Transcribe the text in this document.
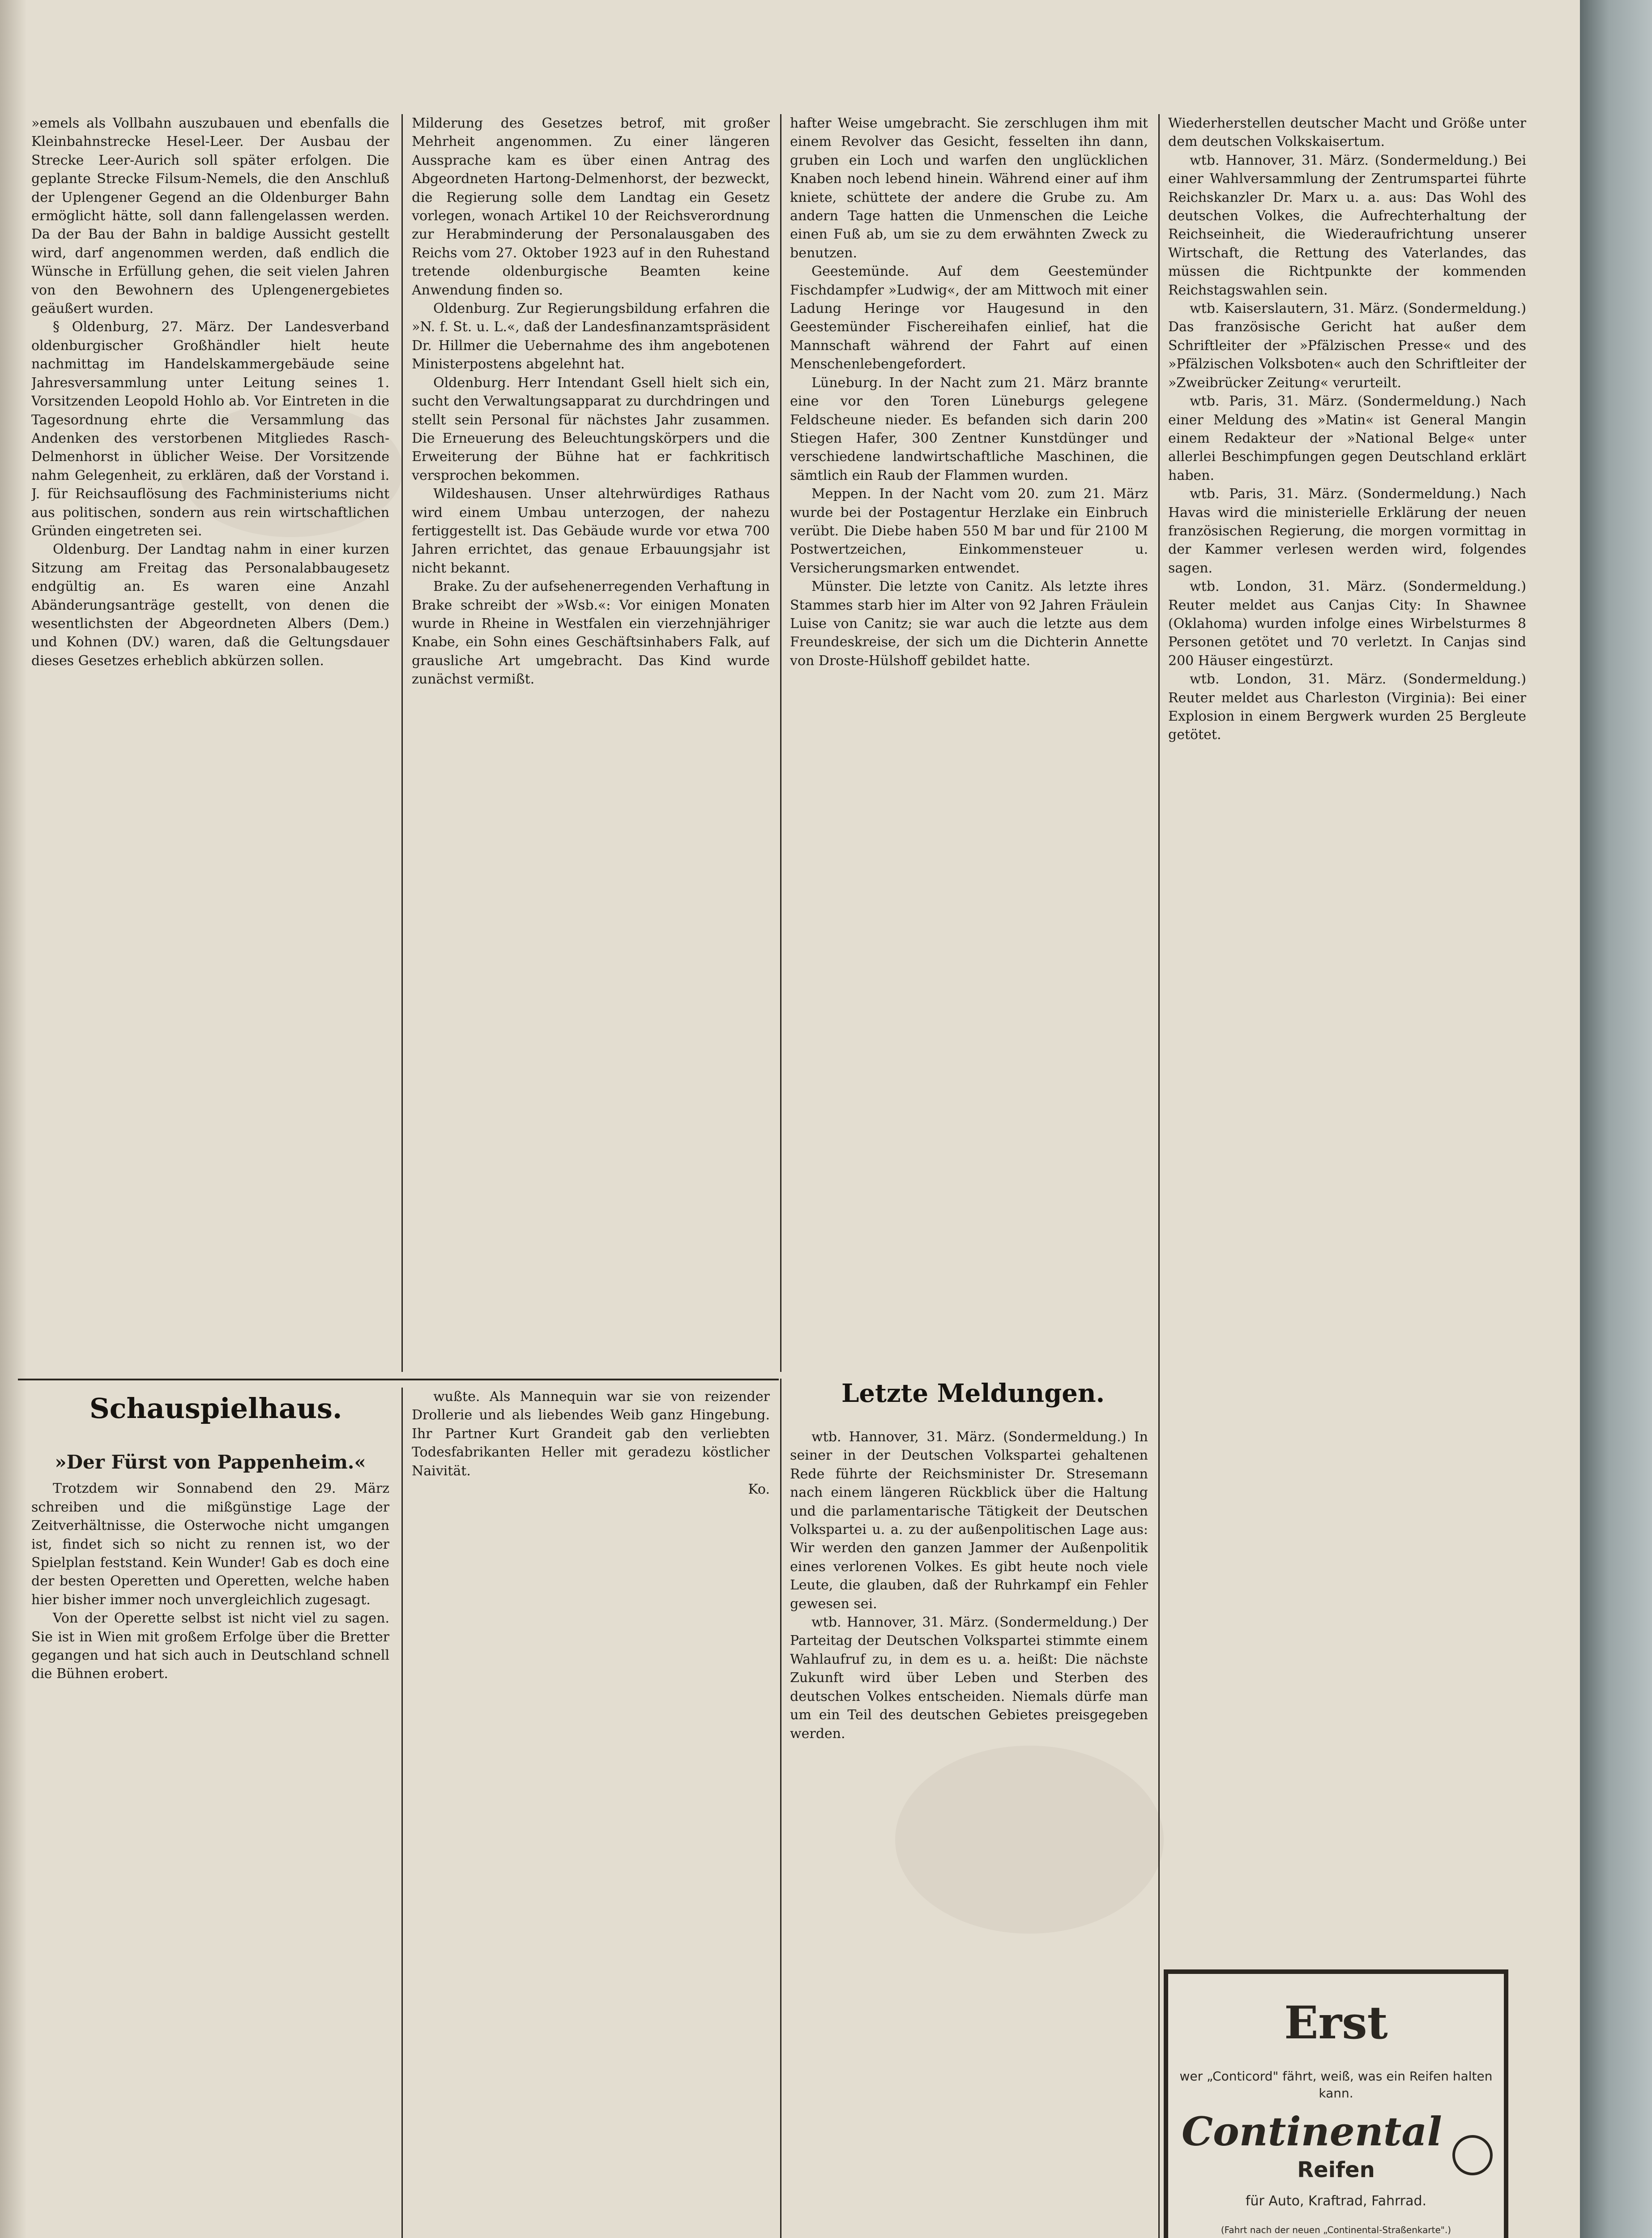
»emels als Vollbahn auszubauen und ebenfalls die Kleinbahnstrecke Hesel-Leer. Der Ausbau der Strecke Leer-Aurich soll später erfolgen. Die geplante Strecke Filsum-Nemels, die den Anschluß der Uplengener Gegend an die Oldenburger Bahn ermöglicht hätte, soll dann fallengelassen werden. Da der Bau der Bahn in baldige Aussicht gestellt wird, darf angenommen werden, daß endlich die Wünsche in Erfüllung gehen, die seit vielen Jahren von den Bewohnern des Uplengenergebietes geäußert wurden.

§ Oldenburg, 27. März. Der Landesverband oldenburgischer Großhändler hielt heute nachmittag im Handelskammergebäude seine Jahresversammlung unter Leitung seines 1. Vorsitzenden Leopold Hohlo ab. Vor Eintreten in die Tagesordnung ehrte die Versammlung das Andenken des verstorbenen Mitgliedes Rasch-Delmenhorst in üblicher Weise. Der Vorsitzende nahm Gelegenheit, zu erklären, daß der Vorstand i. J. für Reichsauflösung des Fachministeriums nicht aus politischen, sondern aus rein wirtschaftlichen Gründen eingetreten sei.

Oldenburg. Der Landtag nahm in einer kurzen Sitzung am Freitag das Personalabbaugesetz endgültig an. Es waren eine Anzahl Abänderungsanträge gestellt, von denen die wesentlichsten der Abgeordneten Albers (Dem.) und Kohnen (DV.) waren, daß die Geltungsdauer dieses Gesetzes erheblich abkürzen sollen.

Milderung des Gesetzes betrof, mit großer Mehrheit angenommen. Zu einer längeren Aussprache kam es über einen Antrag des Abgeordneten Hartong-Delmenhorst, der bezweckt, die Regierung solle dem Landtag ein Gesetz vorlegen, wonach Artikel 10 der Reichsverordnung zur Herabminderung der Personalausgaben des Reichs vom 27. Oktober 1923 auf in den Ruhestand tretende oldenburgische Beamten keine Anwendung finden so.

Oldenburg. Zur Regierungsbildung erfahren die »N. f. St. u. L.«, daß der Landesfinanzamtspräsident Dr. Hillmer die Uebernahme des ihm angebotenen Ministerpostens abgelehnt hat.

Oldenburg. Herr Intendant Gsell hielt sich ein, sucht den Verwaltungsapparat zu durchdringen und stellt sein Personal für nächstes Jahr zusammen. Die Erneuerung des Beleuchtungskörpers und die Erweiterung der Bühne hat er fachkritisch versprochen bekommen.

Wildeshausen. Unser altehrwürdiges Rathaus wird einem Umbau unterzogen, der nahezu fertiggestellt ist. Das Gebäude wurde vor etwa 700 Jahren errichtet, das genaue Erbauungsjahr ist nicht bekannt.

Brake. Zu der aufsehenerregenden Verhaftung in Brake schreibt der »Wsb.«: Vor einigen Monaten wurde in Rheine in Westfalen ein vierzehnjähriger Knabe, ein Sohn eines Geschäftsinhabers Falk, auf grausliche Art umgebracht. Das Kind wurde zunächst vermißt.

hafter Weise umgebracht. Sie zerschlugen ihm mit einem Revolver das Gesicht, fesselten ihn dann, gruben ein Loch und warfen den unglücklichen Knaben noch lebend hinein. Während einer auf ihm kniete, schüttete der andere die Grube zu. Am andern Tage hatten die Unmenschen die Leiche einen Fuß ab, um sie zu dem erwähnten Zweck zu benutzen.

Geestemünde. Auf dem Geestemünder Fischdampfer »Ludwig«, der am Mittwoch mit einer Ladung Heringe vor Haugesund in den Geestemünder Fischereihafen einlief, hat die Mannschaft während der Fahrt auf einen Menschenlebengefordert.

Lüneburg. In der Nacht zum 21. März brannte eine vor den Toren Lüneburgs gelegene Feldscheune nieder. Es befanden sich darin 200 Stiegen Hafer, 300 Zentner Kunstdünger und verschiedene landwirtschaftliche Maschinen, die sämtlich ein Raub der Flammen wurden.

Meppen. In der Nacht vom 20. zum 21. März wurde bei der Postagentur Herzlake ein Einbruch verübt. Die Diebe haben 550 M bar und für 2100 M Postwertzeichen, Einkommensteuer u. Versicherungsmarken entwendet.

Münster. Die letzte von Canitz. Als letzte ihres Stammes starb hier im Alter von 92 Jahren Fräulein Luise von Canitz; sie war auch die letzte aus dem Freundeskreise, der sich um die Dichterin Annette von Droste-Hülshoff gebildet hatte.

Wiederherstellen deutscher Macht und Größe unter dem deutschen Volkskaisertum.

wtb. Hannover, 31. März. (Sondermeldung.) Bei einer Wahlversammlung der Zentrumspartei führte Reichskanzler Dr. Marx u. a. aus: Das Wohl des deutschen Volkes, die Aufrechterhaltung der Reichseinheit, die Wiederaufrichtung unserer Wirtschaft, die Rettung des Vaterlandes, das müssen die Richtpunkte der kommenden Reichstagswahlen sein.

wtb. Kaiserslautern, 31. März. (Sondermeldung.) Das französische Gericht hat außer dem Schriftleiter der »Pfälzischen Presse« und des »Pfälzischen Volksboten« auch den Schriftleiter der »Zweibrücker Zeitung« verurteilt.

wtb. Paris, 31. März. (Sondermeldung.) Nach einer Meldung des »Matin« ist General Mangin einem Redakteur der »National Belge« unter allerlei Beschimpfungen gegen Deutschland erklärt haben.

wtb. Paris, 31. März. (Sondermeldung.) Nach Havas wird die ministerielle Erklärung der neuen französischen Regierung, die morgen vormittag in der Kammer verlesen werden wird, folgendes sagen.

wtb. London, 31. März. (Sondermeldung.) Reuter meldet aus Canjas City: In Shawnee (Oklahoma) wurden infolge eines Wirbelsturmes 8 Personen getötet und 70 verletzt. In Canjas sind 200 Häuser eingestürzt.

wtb. London, 31. März. (Sondermeldung.) Reuter meldet aus Charleston (Virginia): Bei einer Explosion in einem Bergwerk wurden 25 Bergleute getötet.

Schauspielhaus.

»Der Fürst von Pappenheim.«

Trotzdem wir Sonnabend den 29. März schreiben und die mißgünstige Lage der Zeitverhältnisse, die Osterwoche nicht umgangen ist, findet sich so nicht zu rennen ist, wo der Spielplan feststand. Kein Wunder! Gab es doch eine der besten Operetten und Operetten, welche haben hier bisher immer noch unvergleichlich zugesagt.

Von der Operette selbst ist nicht viel zu sagen. Sie ist in Wien mit großem Erfolge über die Bretter gegangen und hat sich auch in Deutschland schnell die Bühnen erobert.

wußte. Als Mannequin war sie von reizender Drollerie und als liebendes Weib ganz Hingebung. Ihr Partner Kurt Grandeit gab den verliebten Todesfabrikanten Heller mit geradezu köstlicher Naivität.

Ko.

Letzte Meldungen.

wtb. Hannover, 31. März. (Sondermeldung.) In seiner in der Deutschen Volkspartei gehaltenen Rede führte der Reichsminister Dr. Stresemann nach einem längeren Rückblick über die Haltung und die parlamentarische Tätigkeit der Deutschen Volkspartei u. a. zu der außenpolitischen Lage aus: Wir werden den ganzen Jammer der Außenpolitik eines verlorenen Volkes. Es gibt heute noch viele Leute, die glauben, daß der Ruhrkampf ein Fehler gewesen sei.

wtb. Hannover, 31. März. (Sondermeldung.) Der Parteitag der Deutschen Volkspartei stimmte einem Wahlaufruf zu, in dem es u. a. heißt: Die nächste Zukunft wird über Leben und Sterben des deutschen Volkes entscheiden. Niemals dürfe man um ein Teil des deutschen Gebietes preisgegeben werden.

Erst
wer „Conticord" fährt, weiß, was ein Reifen halten kann.
Continental
Reifen
für Auto, Kraftrad, Fahrrad.
(Fahrt nach der neuen „Continental-Straßenkarte".)
